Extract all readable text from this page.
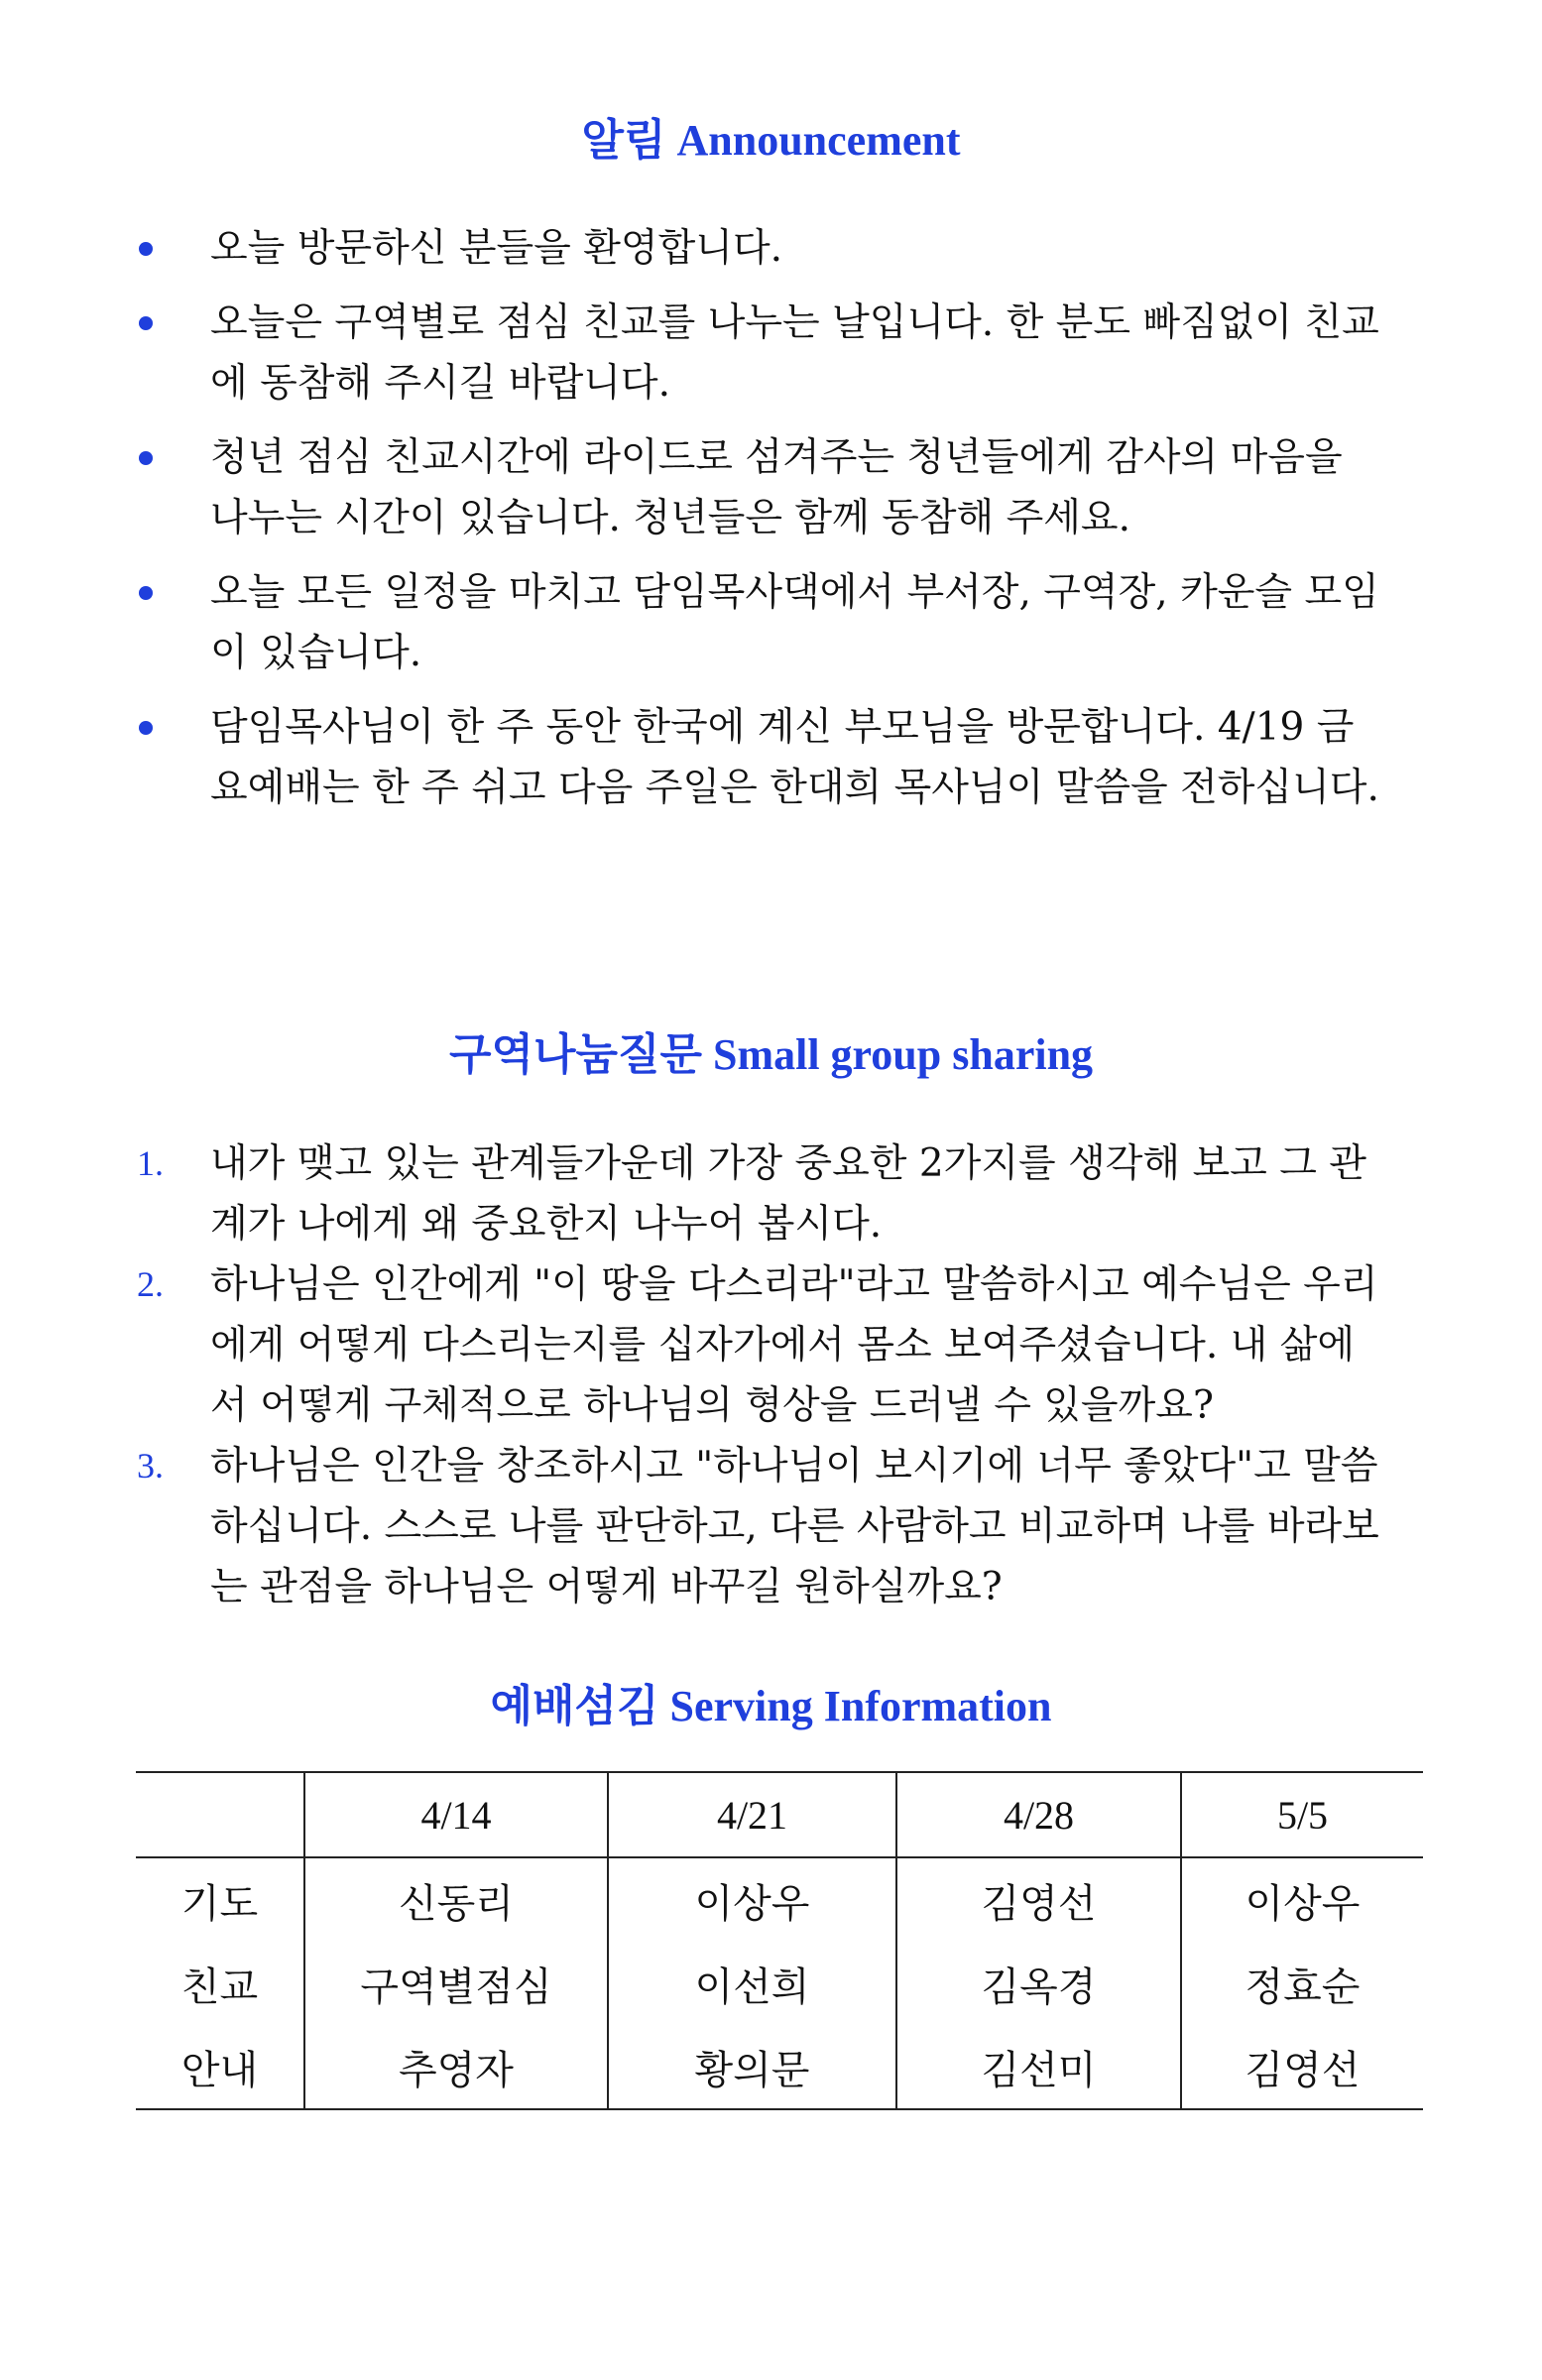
알림 Announcement
오늘 방문하신 분들을 환영합니다.
오늘은 구역별로 점심 친교를 나누는 날입니다. 한 분도 빠짐없이 친교에 동참해 주시길 바랍니다.
청년 점심 친교시간에 라이드로 섬겨주는 청년들에게 감사의 마음을 나누는 시간이 있습니다. 청년들은 함께 동참해 주세요.
오늘 모든 일정을 마치고 담임목사댁에서 부서장, 구역장, 카운슬 모임이 있습니다.
담임목사님이 한 주 동안 한국에 계신 부모님을 방문합니다. 4/19 금요예배는 한 주 쉬고 다음 주일은 한대희 목사님이 말씀을 전하십니다.
구역나눔질문 Small group sharing
1. 내가 맺고 있는 관계들가운데 가장 중요한 2가지를 생각해 보고 그 관계가 나에게 왜 중요한지 나누어 봅시다.
2. 하나님은 인간에게 "이 땅을 다스리라"라고 말씀하시고 예수님은 우리에게 어떻게 다스리는지를 십자가에서 몸소 보여주셨습니다. 내 삶에서 어떻게 구체적으로 하나님의 형상을 드러낼 수 있을까요?
3. 하나님은 인간을 창조하시고 "하나님이 보시기에 너무 좋았다"고 말씀하십니다. 스스로 나를 판단하고, 다른 사람하고 비교하며 나를 바라보는 관점을 하나님은 어떻게 바꾸길 원하실까요?
예배섬김 Serving Information
	4/14	4/21	4/28	5/5
기도	신동리	이상우	김영선	이상우
친교	구역별점심	이선희	김옥경	정효순
안내	추영자	황의문	김선미	김영선
